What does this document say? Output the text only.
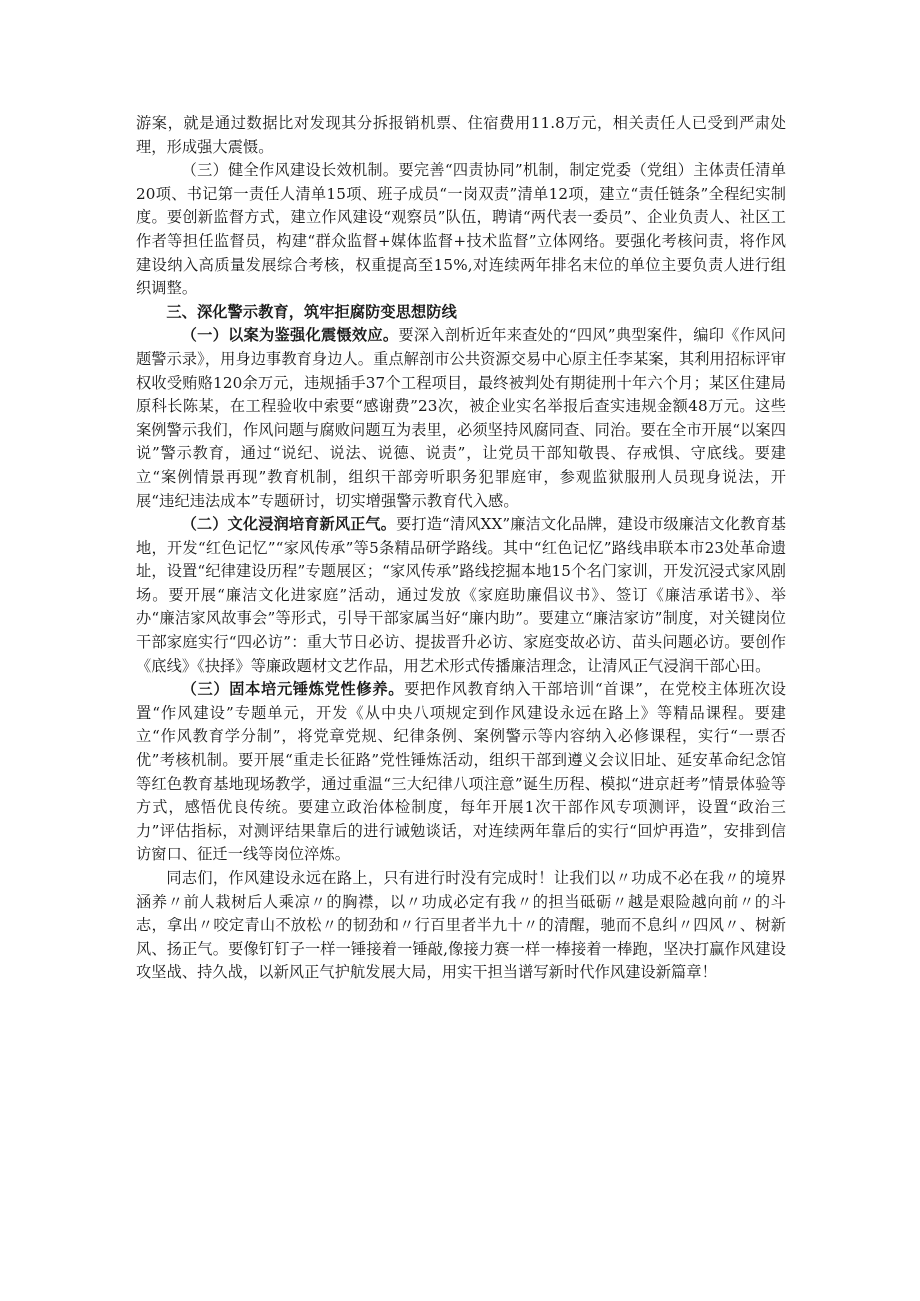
游案，就是通过数据比对发现其分拆报销机票、住宿费用11.8万元，相关责任人已受到严肃处理，形成强大震慑。

（三）健全作风建设长效机制。要完善“四责协同”机制，制定党委（党组）主体责任清单20项、书记第一责任人清单15项、班子成员“一岗双责”清单12项，建立“责任链条”全程纪实制度。要创新监督方式，建立作风建设“观察员”队伍，聘请“两代表一委员”、企业负责人、社区工作者等担任监督员，构建“群众监督+媒体监督+技术监督”立体网络。要强化考核问责，将作风建设纳入高质量发展综合考核，权重提高至15%,对连续两年排名末位的单位主要负责人进行组织调整。

三、深化警示教育，筑牢拒腐防变思想防线

（一）以案为鉴强化震慑效应。要深入剖析近年来查处的“四风”典型案件，编印《作风问题警示录》，用身边事教育身边人。重点解剖市公共资源交易中心原主任李某案，其利用招标评审权收受贿赂120余万元，违规插手37个工程项目，最终被判处有期徒刑十年六个月；某区住建局原科长陈某，在工程验收中索要“感谢费”23次，被企业实名举报后查实违规金额48万元。这些案例警示我们，作风问题与腐败问题互为表里，必须坚持风腐同查、同治。要在全市开展“以案四说”警示教育，通过“说纪、说法、说德、说责”，让党员干部知敬畏、存戒惧、守底线。要建立“案例情景再现”教育机制，组织干部旁听职务犯罪庭审，参观监狱服刑人员现身说法，开展“违纪违法成本”专题研讨，切实增强警示教育代入感。

（二）文化浸润培育新风正气。要打造“清风XX”廉洁文化品牌，建设市级廉洁文化教育基地，开发“红色记忆”“家风传承”等5条精品研学路线。其中“红色记忆”路线串联本市23处革命遗址，设置“纪律建设历程”专题展区；“家风传承”路线挖掘本地15个名门家训，开发沉浸式家风剧场。要开展“廉洁文化进家庭”活动，通过发放《家庭助廉倡议书》、签订《廉洁承诺书》、举办“廉洁家风故事会”等形式，引导干部家属当好“廉内助”。要建立“廉洁家访”制度，对关键岗位干部家庭实行“四必访”：重大节日必访、提拔晋升必访、家庭变故必访、苗头问题必访。要创作《底线》《抉择》等廉政题材文艺作品，用艺术形式传播廉洁理念，让清风正气浸润干部心田。

（三）固本培元锤炼党性修养。要把作风教育纳入干部培训“首课”，在党校主体班次设置“作风建设”专题单元，开发《从中央八项规定到作风建设永远在路上》等精品课程。要建立“作风教育学分制”，将党章党规、纪律条例、案例警示等内容纳入必修课程，实行“一票否优”考核机制。要开展“重走长征路”党性锤炼活动，组织干部到遵义会议旧址、延安革命纪念馆等红色教育基地现场教学，通过重温“三大纪律八项注意”诞生历程、模拟“进京赶考”情景体验等方式，感悟优良传统。要建立政治体检制度，每年开展1次干部作风专项测评，设置“政治三力”评估指标，对测评结果靠后的进行诫勉谈话，对连续两年靠后的实行“回炉再造”，安排到信访窗口、征迁一线等岗位淬炼。

同志们，作风建设永远在路上，只有进行时没有完成时！让我们以〃功成不必在我〃的境界涵养〃前人栽树后人乘凉〃的胸襟，以〃功成必定有我〃的担当砥砺〃越是艰险越向前〃的斗志，拿出〃咬定青山不放松〃的韧劲和〃行百里者半九十〃的清醒，驰而不息纠〃四风〃、树新风、扬正气。要像钉钉子一样一锤接着一锤敲,像接力赛一样一棒接着一棒跑，坚决打赢作风建设攻坚战、持久战，以新风正气护航发展大局，用实干担当谱写新时代作风建设新篇章！
